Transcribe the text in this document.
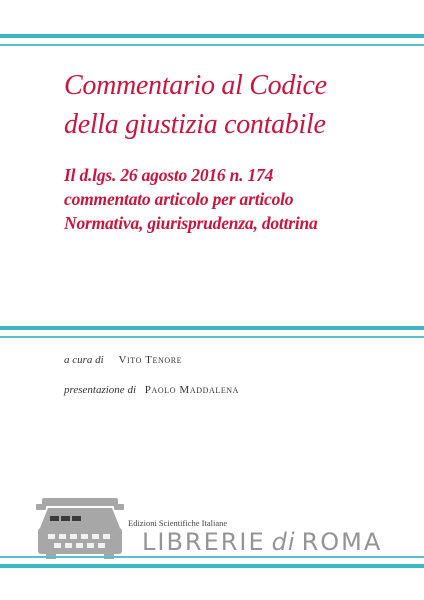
Commentario al Codice
della giustizia contabile
Il d.lgs. 26 agosto 2016 n. 174
commentato articolo per articolo
Normativa, giurisprudenza, dottrina
a cura di Vito Tenore
presentazione di Paolo Maddalena
Edizioni Scientifiche Italiane
LIBRERIE di ROMA
